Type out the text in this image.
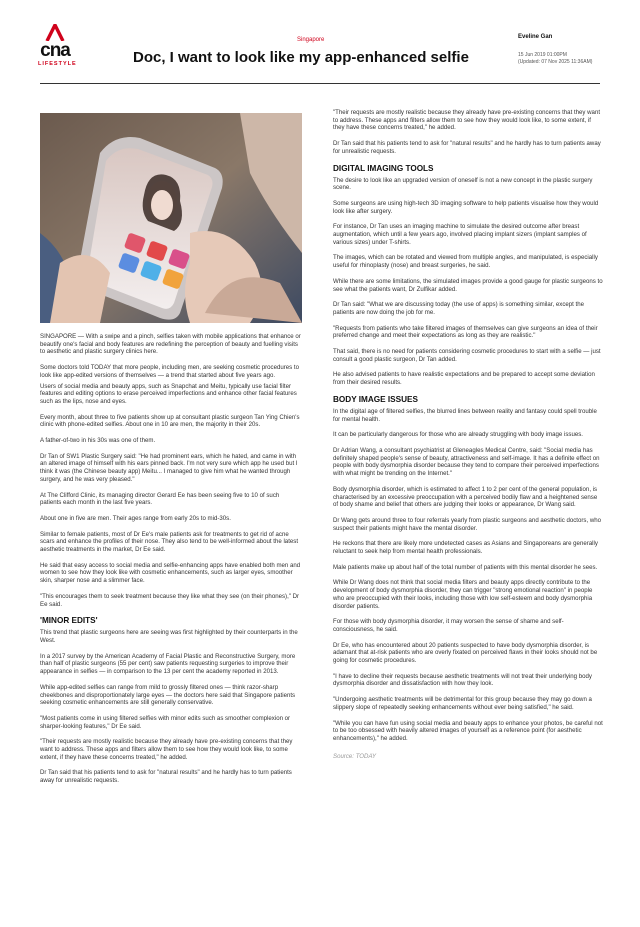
cna
LIFESTYLE
Singapore
Doc, I want to look like my app-enhanced selfie
Eveline Gan
15 Jun 2019 01:00PM
(Updated: 07 Nov 2025 11:36AM)

SINGAPORE — With a swipe and a pinch, selfies taken with mobile applications that enhance or beautify one's facial and body features are redefining the perception of beauty and fuelling visits to aesthetic and plastic surgery clinics here.

Some doctors told TODAY that more people, including men, are seeking cosmetic procedures to look like app-edited versions of themselves — a trend that started about five years ago.

Users of social media and beauty apps, such as Snapchat and Meitu, typically use facial filter features and editing options to erase perceived imperfections and enhance other facial features such as the lips, nose and eyes.

Every month, about three to five patients show up at consultant plastic surgeon Tan Ying Chien's clinic with phone-edited selfies. About one in 10 are men, the majority in their 20s.

A father-of-two in his 30s was one of them.

Dr Tan of SW1 Plastic Surgery said: "He had prominent ears, which he hated, and came in with an altered image of himself with his ears pinned back. I'm not very sure which app he used but I think it was (the Chinese beauty app) Meitu... I managed to give him what he wanted through surgery, and he was very pleased."

At The Clifford Clinic, its managing director Gerard Ee has been seeing five to 10 of such patients each month in the last five years.

About one in five are men. Their ages range from early 20s to mid-30s.

Similar to female patients, most of Dr Ee's male patients ask for treatments to get rid of acne scars and enhance the profiles of their nose. They also tend to be well-informed about the latest aesthetic treatments in the market, Dr Ee said.

He said that easy access to social media and selfie-enhancing apps have enabled both men and women to see how they look like with cosmetic enhancements, such as larger eyes, smoother skin, sharper nose and a slimmer face.

"This encourages them to seek treatment because they like what they see (on their phones)," Dr Ee said.

'MINOR EDITS'

This trend that plastic surgeons here are seeing was first highlighted by their counterparts in the West.

In a 2017 survey by the American Academy of Facial Plastic and Reconstructive Surgery, more than half of plastic surgeons (55 per cent) saw patients requesting surgeries to improve their appearance in selfies — in comparison to the 13 per cent the academy reported in 2013.

While app-edited selfies can range from mild to grossly filtered ones — think razor-sharp cheekbones and disproportionately large eyes — the doctors here said that Singapore patients seeking cosmetic enhancements are still generally conservative.

"Most patients come in using filtered selfies with minor edits such as smoother complexion or sharper-looking features," Dr Ee said.

"Their requests are mostly realistic because they already have pre-existing concerns that they want to address. These apps and filters allow them to see how they would look like, to some extent, if they have these concerns treated," he added.

Dr Tan said that his patients tend to ask for "natural results" and he hardly has to turn patients away for unrealistic requests.

"Their requests are mostly realistic because they already have pre-existing concerns that they want to address. These apps and filters allow them to see how they would look like, to some extent, if they have these concerns treated," he added.

Dr Tan said that his patients tend to ask for "natural results" and he hardly has to turn patients away for unrealistic requests.

DIGITAL IMAGING TOOLS

The desire to look like an upgraded version of oneself is not a new concept in the plastic surgery scene.

Some surgeons are using high-tech 3D imaging software to help patients visualise how they would look like after surgery.

For instance, Dr Tan uses an imaging machine to simulate the desired outcome after breast augmentation, which until a few years ago, involved placing implant sizers (implant samples of various sizes) under T-shirts.

The images, which can be rotated and viewed from multiple angles, and manipulated, is especially useful for rhinoplasty (nose) and breast surgeries, he said.

While there are some limitations, the simulated images provide a good gauge for plastic surgeons to see what the patients want, Dr Zulfikar added.

Dr Tan said: "What we are discussing today (the use of apps) is something similar, except the patients are now doing the job for me.

"Requests from patients who take filtered images of themselves can give surgeons an idea of their preferred change and meet their expectations as long as they are realistic."

That said, there is no need for patients considering cosmetic procedures to start with a selfie — just consult a good plastic surgeon, Dr Tan added.

He also advised patients to have realistic expectations and be prepared to accept some deviation from their desired results.

BODY IMAGE ISSUES

In the digital age of filtered selfies, the blurred lines between reality and fantasy could spell trouble for mental health.

It can be particularly dangerous for those who are already struggling with body image issues.

Dr Adrian Wang, a consultant psychiatrist at Gleneagles Medical Centre, said: "Social media has definitely shaped people's sense of beauty, attractiveness and self-image. It has a definite effect on people with body dysmorphia disorder because they tend to compare their perceived imperfections with what might be trending on the Internet."

Body dysmorphia disorder, which is estimated to affect 1 to 2 per cent of the general population, is characterised by an excessive preoccupation with a perceived bodily flaw and a heightened sense of body shame and belief that others are judging their looks or appearance, Dr Wang said.

Dr Wang gets around three to four referrals yearly from plastic surgeons and aesthetic doctors, who suspect their patients might have the mental disorder.

He reckons that there are likely more undetected cases as Asians and Singaporeans are generally reluctant to seek help from mental health professionals.

Male patients make up about half of the total number of patients with this mental disorder he sees.

While Dr Wang does not think that social media filters and beauty apps directly contribute to the development of body dysmorphia disorder, they can trigger "strong emotional reaction" in people who are preoccupied with their looks, including those with low self-esteem and body dysmorphia disorder patients.

For those with body dysmorphia disorder, it may worsen the sense of shame and self-consciousness, he said.

Dr Ee, who has encountered about 20 patients suspected to have body dysmorphia disorder, is adamant that at-risk patients who are overly fixated on perceived flaws in their looks should not be going for cosmetic procedures.

"I have to decline their requests because aesthetic treatments will not treat their underlying body dysmorphia disorder and dissatisfaction with how they look.

"Undergoing aesthetic treatments will be detrimental for this group because they may go down a slippery slope of repeatedly seeking enhancements without ever being satisfied," he said.

"While you can have fun using social media and beauty apps to enhance your photos, be careful not to be too obsessed with heavily altered images of yourself as a reference point (for aesthetic enhancements)," he added.

Source: TODAY
